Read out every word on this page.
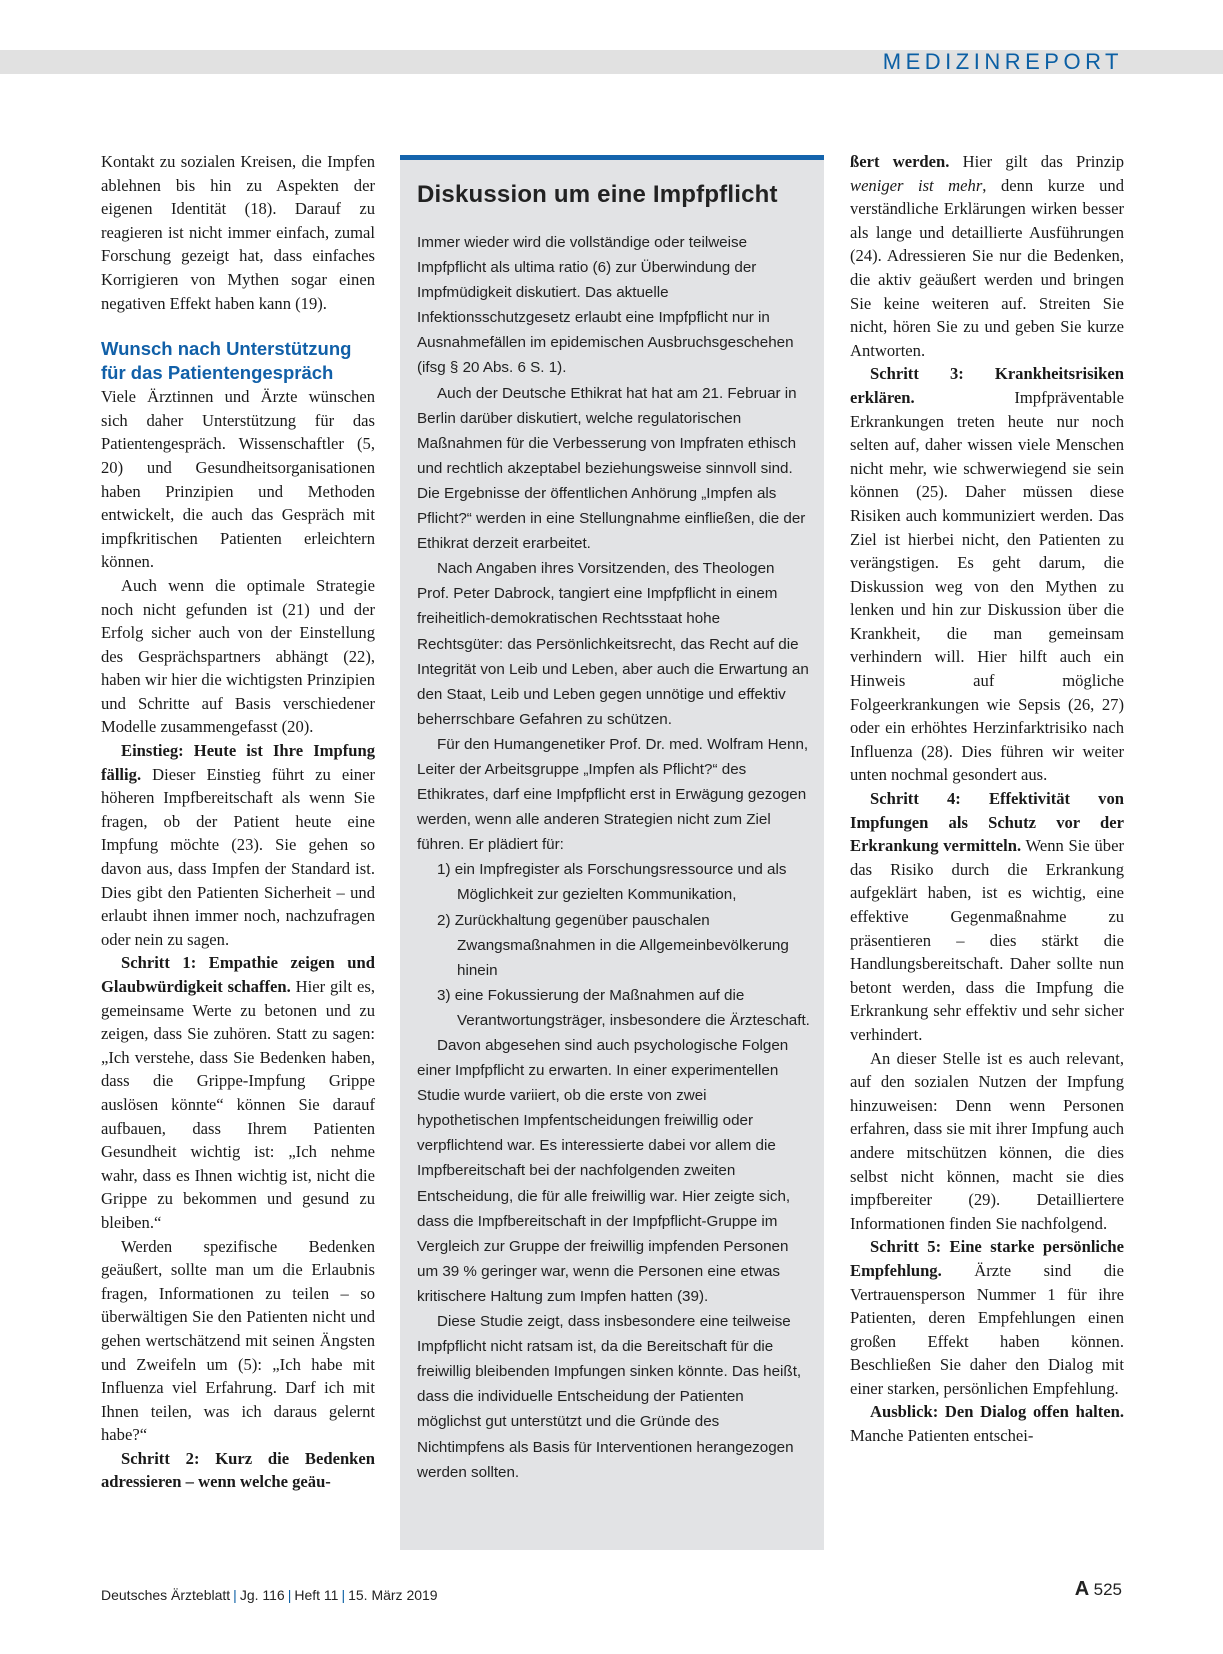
MEDIZINREPORT

Kontakt zu sozialen Kreisen, die Impfen ablehnen bis hin zu Aspekten der eigenen Identität (18). Darauf zu reagieren ist nicht immer einfach, zumal Forschung gezeigt hat, dass einfaches Korrigieren von Mythen sogar einen negativen Effekt haben kann (19).

Wunsch nach Unterstützung für das Patientengespräch

Viele Ärztinnen und Ärzte wünschen sich daher Unterstützung für das Patientengespräch. Wissenschaftler (5, 20) und Gesundheitsorganisationen haben Prinzipien und Methoden entwickelt, die auch das Gespräch mit impfkritischen Patienten erleichtern können.

Auch wenn die optimale Strategie noch nicht gefunden ist (21) und der Erfolg sicher auch von der Einstellung des Gesprächspartners abhängt (22), haben wir hier die wichtigsten Prinzipien und Schritte auf Basis verschiedener Modelle zusammengefasst (20).

Einstieg: Heute ist Ihre Impfung fällig. Dieser Einstieg führt zu einer höheren Impfbereitschaft als wenn Sie fragen, ob der Patient heute eine Impfung möchte (23). Sie gehen so davon aus, dass Impfen der Standard ist. Dies gibt den Patienten Sicherheit – und erlaubt ihnen immer noch, nachzufragen oder nein zu sagen.

Schritt 1: Empathie zeigen und Glaubwürdigkeit schaffen. Hier gilt es, gemeinsame Werte zu betonen und zu zeigen, dass Sie zuhören. Statt zu sagen: „Ich verstehe, dass Sie Bedenken haben, dass die Grippe-Impfung Grippe auslösen könnte“ können Sie darauf aufbauen, dass Ihrem Patienten Gesundheit wichtig ist: „Ich nehme wahr, dass es Ihnen wichtig ist, nicht die Grippe zu bekommen und gesund zu bleiben.“

Werden spezifische Bedenken geäußert, sollte man um die Erlaubnis fragen, Informationen zu teilen – so überwältigen Sie den Patienten nicht und gehen wertschätzend mit seinen Ängsten und Zweifeln um (5): „Ich habe mit Influenza viel Erfahrung. Darf ich mit Ihnen teilen, was ich daraus gelernt habe?“

Schritt 2: Kurz die Bedenken adressieren – wenn welche geäu-

Diskussion um eine Impfpflicht

Immer wieder wird die vollständige oder teilweise Impfpflicht als ultima ratio (6) zur Überwindung der Impfmüdigkeit diskutiert. Das aktuelle Infektionsschutzgesetz erlaubt eine Impfpflicht nur in Ausnahmefällen im epidemischen Ausbruchsgeschehen (ifsg § 20 Abs. 6 S. 1).

Auch der Deutsche Ethikrat hat hat am 21. Februar in Berlin darüber diskutiert, welche regulatorischen Maßnahmen für die Verbesserung von Impfraten ethisch und rechtlich akzeptabel beziehungsweise sinnvoll sind. Die Ergebnisse der öffentlichen Anhörung „Impfen als Pflicht?“ werden in eine Stellungnahme einfließen, die der Ethikrat derzeit erarbeitet.

Nach Angaben ihres Vorsitzenden, des Theologen Prof. Peter Dabrock, tangiert eine Impfpflicht in einem freiheitlich-demokratischen Rechtsstaat hohe Rechtsgüter: das Persönlichkeitsrecht, das Recht auf die Integrität von Leib und Leben, aber auch die Erwartung an den Staat, Leib und Leben gegen unnötige und effektiv beherrschbare Gefahren zu schützen.

Für den Humangenetiker Prof. Dr. med. Wolfram Henn, Leiter der Arbeitsgruppe „Impfen als Pflicht?“ des Ethikrates, darf eine Impfpflicht erst in Erwägung gezogen werden, wenn alle anderen Strategien nicht zum Ziel führen. Er plädiert für:

1) ein Impfregister als Forschungsressource und als Möglichkeit zur gezielten Kommunikation,
2) Zurückhaltung gegenüber pauschalen Zwangsmaßnahmen in die Allgemeinbevölkerung hinein
3) eine Fokussierung der Maßnahmen auf die Verantwortungsträger, insbesondere die Ärzteschaft.

Davon abgesehen sind auch psychologische Folgen einer Impfpflicht zu erwarten. In einer experimentellen Studie wurde variiert, ob die erste von zwei hypothetischen Impfentscheidungen freiwillig oder verpflichtend war. Es interessierte dabei vor allem die Impfbereitschaft bei der nachfolgenden zweiten Entscheidung, die für alle freiwillig war. Hier zeigte sich, dass die Impfbereitschaft in der Impfpflicht-Gruppe im Vergleich zur Gruppe der freiwillig impfenden Personen um 39 % geringer war, wenn die Personen eine etwas kritischere Haltung zum Impfen hatten (39).

Diese Studie zeigt, dass insbesondere eine teilweise Impfpflicht nicht ratsam ist, da die Bereitschaft für die freiwillig bleibenden Impfungen sinken könnte. Das heißt, dass die individuelle Entscheidung der Patienten möglichst gut unterstützt und die Gründe des Nichtimpfens als Basis für Interventionen herangezogen werden sollten.

ßert werden. Hier gilt das Prinzip weniger ist mehr, denn kurze und verständliche Erklärungen wirken besser als lange und detaillierte Ausführungen (24). Adressieren Sie nur die Bedenken, die aktiv geäußert werden und bringen Sie keine weiteren auf. Streiten Sie nicht, hören Sie zu und geben Sie kurze Antworten.

Schritt 3: Krankheitsrisiken erklären. Impfpräventable Erkrankungen treten heute nur noch selten auf, daher wissen viele Menschen nicht mehr, wie schwerwiegend sie sein können (25). Daher müssen diese Risiken auch kommuniziert werden. Das Ziel ist hierbei nicht, den Patienten zu verängstigen. Es geht darum, die Diskussion weg von den Mythen zu lenken und hin zur Diskussion über die Krankheit, die man gemeinsam verhindern will. Hier hilft auch ein Hinweis auf mögliche Folgeerkrankungen wie Sepsis (26, 27) oder ein erhöhtes Herzinfarktrisiko nach Influenza (28). Dies führen wir weiter unten nochmal gesondert aus.

Schritt 4: Effektivität von Impfungen als Schutz vor der Erkrankung vermitteln. Wenn Sie über das Risiko durch die Erkrankung aufgeklärt haben, ist es wichtig, eine effektive Gegenmaßnahme zu präsentieren – dies stärkt die Handlungsbereitschaft. Daher sollte nun betont werden, dass die Impfung die Erkrankung sehr effektiv und sehr sicher verhindert.

An dieser Stelle ist es auch relevant, auf den sozialen Nutzen der Impfung hinzuweisen: Denn wenn Personen erfahren, dass sie mit ihrer Impfung auch andere mitschützen können, die dies selbst nicht können, macht sie dies impfbereiter (29). Detailliertere Informationen finden Sie nachfolgend.

Schritt 5: Eine starke persönliche Empfehlung. Ärzte sind die Vertrauensperson Nummer 1 für ihre Patienten, deren Empfehlungen einen großen Effekt haben können. Beschließen Sie daher den Dialog mit einer starken, persönlichen Empfehlung.

Ausblick: Den Dialog offen halten. Manche Patienten entschei-

Deutsches Ärzteblatt | Jg. 116 | Heft 11 | 15. März 2019	A 525
